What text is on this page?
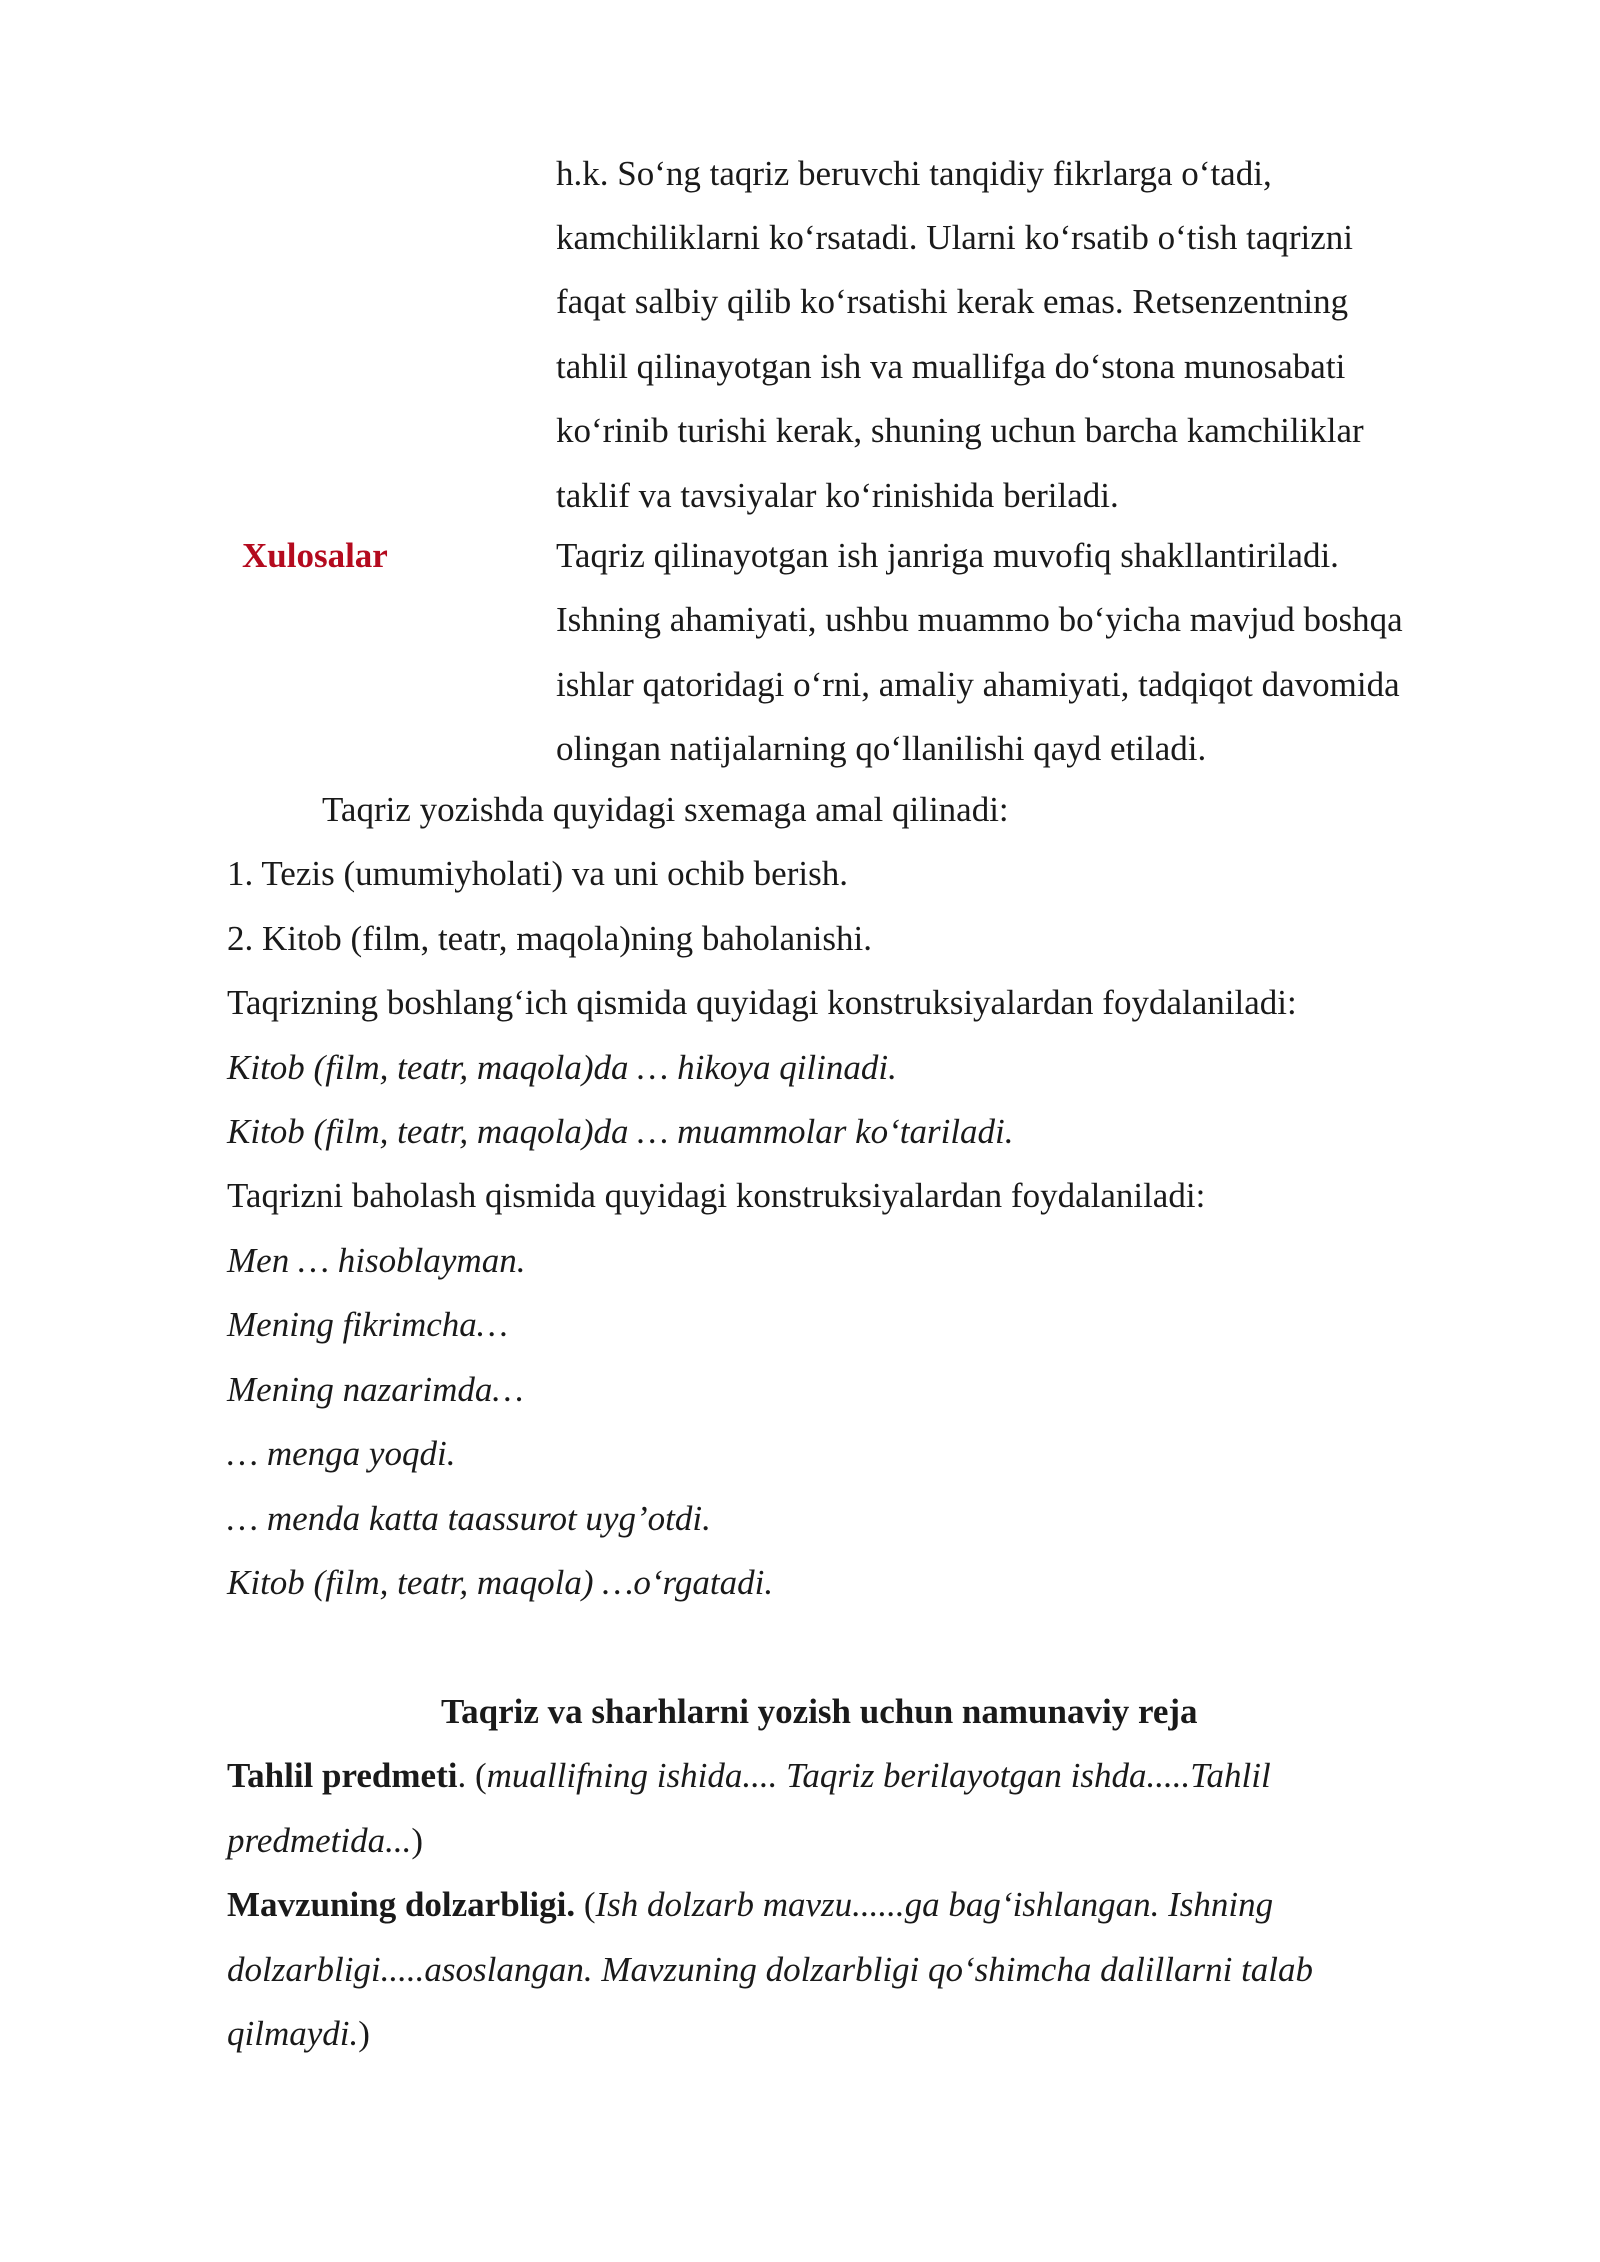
h.k. So‘ng taqriz beruvchi tanqidiy fikrlarga o‘tadi,
kamchiliklarni ko‘rsatadi. Ularni ko‘rsatib o‘tish taqrizni
faqat salbiy qilib ko‘rsatishi kerak emas. Retsenzentning
tahlil qilinayotgan ish va muallifga do‘stona munosabati
ko‘rinib turishi kerak, shuning uchun barcha kamchiliklar
taklif va tavsiyalar ko‘rinishida beriladi.
Xulosalar	Taqriz qilinayotgan ish janriga muvofiq shakllantiriladi.
Ishning ahamiyati, ushbu muammo bo‘yicha mavjud boshqa
ishlar qatoridagi o‘rni, amaliy ahamiyati, tadqiqot davomida
olingan natijalarning qo‘llanilishi qayd etiladi.
Taqriz yozishda quyidagi sxemaga amal qilinadi:
1. Tezis (umumiyholati) va uni ochib berish.
2. Kitob (film, teatr, maqola)ning baholanishi.
Taqrizning boshlang‘ich qismida quyidagi konstruksiyalardan foydalaniladi:
Kitob (film, teatr, maqola)da … hikoya qilinadi.
Kitob (film, teatr, maqola)da … muammolar ko‘tariladi.
Taqrizni baholash qismida quyidagi konstruksiyalardan foydalaniladi:
Men … hisoblayman.
Mening fikrimcha…
Mening nazarimda…
… menga yoqdi.
… menda katta taassurot uyg’otdi.
Kitob (film, teatr, maqola) …o‘rgatadi.
Taqriz va sharhlarni yozish uchun namunaviy reja
Tahlil predmeti. (muallifning ishida.... Taqriz berilayotgan ishda.....Tahlil
predmetida...)
Mavzuning dolzarbligi. (Ish dolzarb mavzu......ga bag‘ishlangan. Ishning
dolzarbligi.....asoslangan. Mavzuning dolzarbligi qo‘shimcha dalillarni talab
qilmaydi.)
